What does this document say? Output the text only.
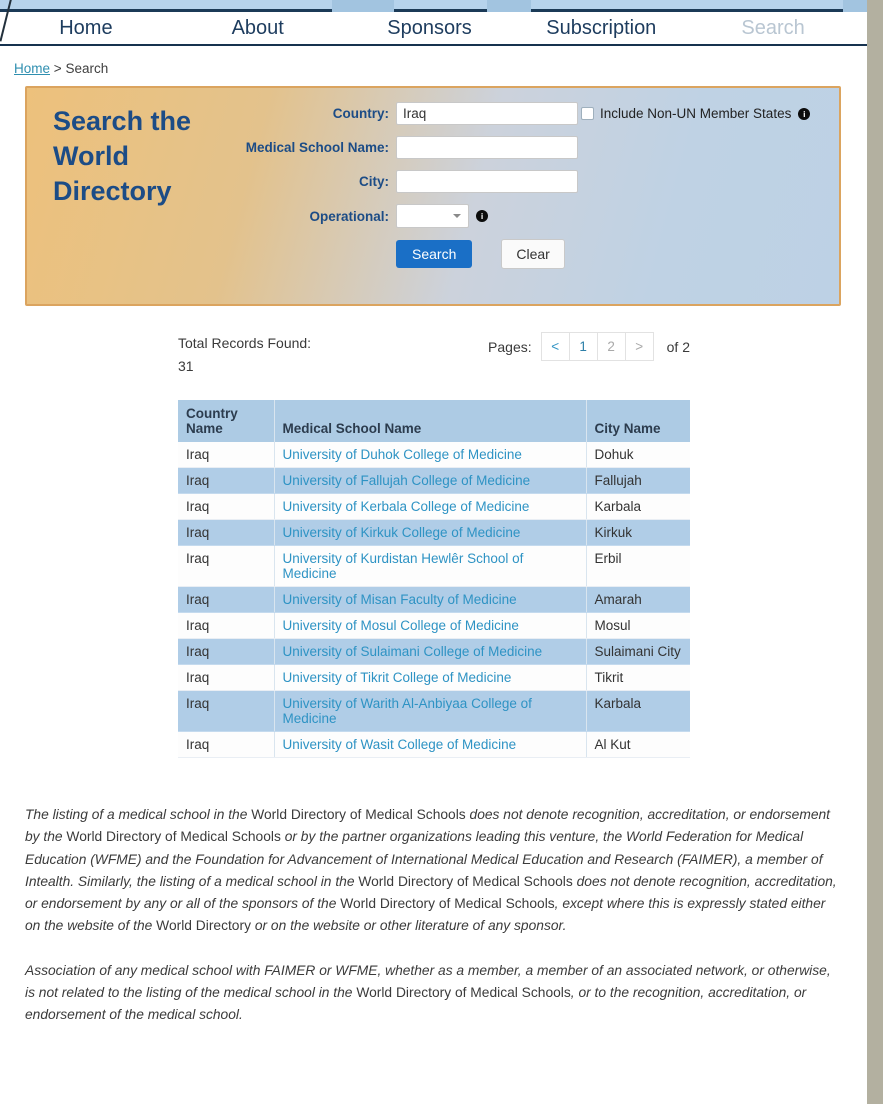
Home	About	Sponsors	Subscription	Search
Home > Search
Search the World Directory
Country:
Iraq	Include Non-UN Member States	i
Medical School Name:
City:
Operational:	i
Search	Clear
Total Records Found:
31
Pages:	<	1	2	>	of 2
Country Name	Medical School Name	City Name
Iraq	University of Duhok College of Medicine	Dohuk
Iraq	University of Fallujah College of Medicine	Fallujah
Iraq	University of Kerbala College of Medicine	Karbala
Iraq	University of Kirkuk College of Medicine	Kirkuk
Iraq	University of Kurdistan Hewlêr School of Medicine	Erbil
Iraq	University of Misan Faculty of Medicine	Amarah
Iraq	University of Mosul College of Medicine	Mosul
Iraq	University of Sulaimani College of Medicine	Sulaimani City
Iraq	University of Tikrit College of Medicine	Tikrit
Iraq	University of Warith Al-Anbiyaa College of Medicine	Karbala
Iraq	University of Wasit College of Medicine	Al Kut

The listing of a medical school in the World Directory of Medical Schools does not denote recognition, accreditation, or endorsement by the World Directory of Medical Schools or by the partner organizations leading this venture, the World Federation for Medical Education (WFME) and the Foundation for Advancement of International Medical Education and Research (FAIMER), a member of Intealth. Similarly, the listing of a medical school in the World Directory of Medical Schools does not denote recognition, accreditation, or endorsement by any or all of the sponsors of the World Directory of Medical Schools, except where this is expressly stated either on the website of the World Directory or on the website or other literature of any sponsor.

Association of any medical school with FAIMER or WFME, whether as a member, a member of an associated network, or otherwise, is not related to the listing of the medical school in the World Directory of Medical Schools, or to the recognition, accreditation, or endorsement of the medical school.
